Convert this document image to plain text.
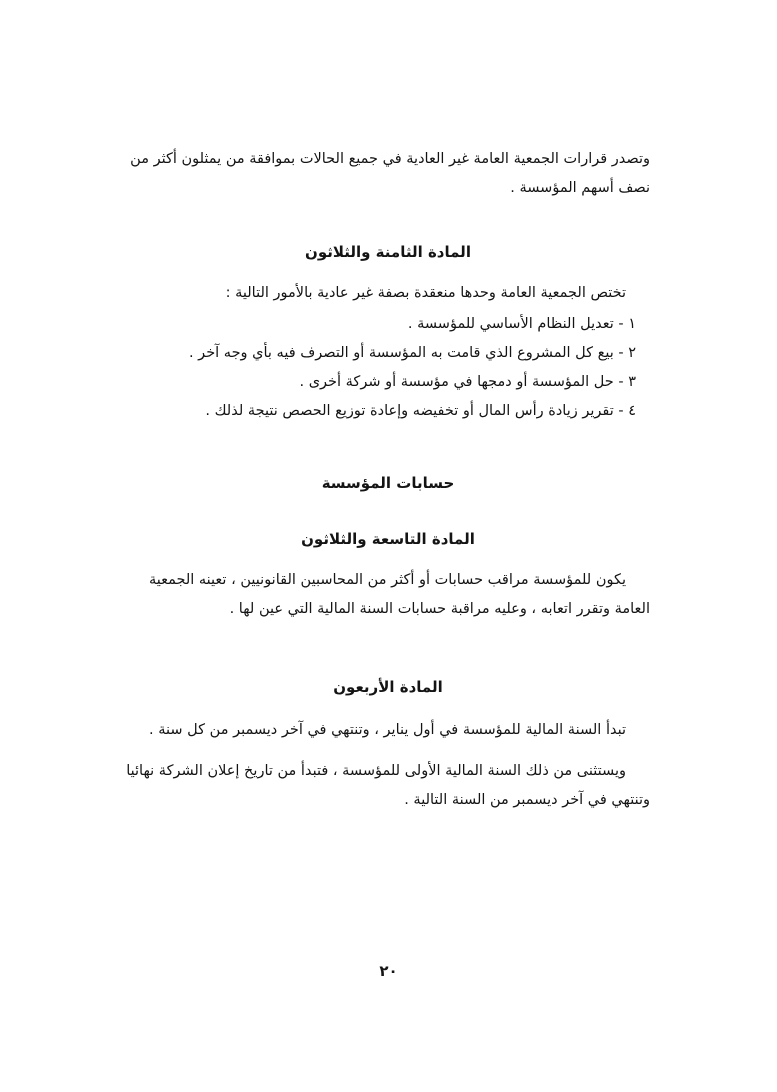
وتصدر قرارات الجمعية العامة غير العادية في جميع الحالات بموافقة من يمثلون أكثر من نصف أسهم المؤسسة .

المادة الثامنة والثلاثون

تختص الجمعية العامة وحدها منعقدة بصفة غير عادية بالأمور التالية :

١ - تعديل النظام الأساسي للمؤسسة .

٢ - بيع كل المشروع الذي قامت به المؤسسة أو التصرف فيه بأي وجه آخر .

٣ - حل المؤسسة أو دمجها في مؤسسة أو شركة أخرى .

٤ - تقرير زيادة رأس المال أو تخفيضه وإعادة توزيع الحصص نتيجة لذلك .

حسابات المؤسسة
المادة التاسعة والثلاثون

يكون للمؤسسة مراقب حسابات أو أكثر من المحاسبين القانونيين ، تعينه الجمعية العامة وتقرر اتعابه ، وعليه مراقبة حسابات السنة المالية التي عين لها .

المادة الأربعون

تبدأ السنة المالية للمؤسسة في أول يناير ، وتنتهي في آخر ديسمبر من كل سنة .

ويستثنى من ذلك السنة المالية الأولى للمؤسسة ، فتبدأ من تاريخ إعلان الشركة نهائيا وتنتهي في آخر ديسمبر من السنة التالية .

٢٠
